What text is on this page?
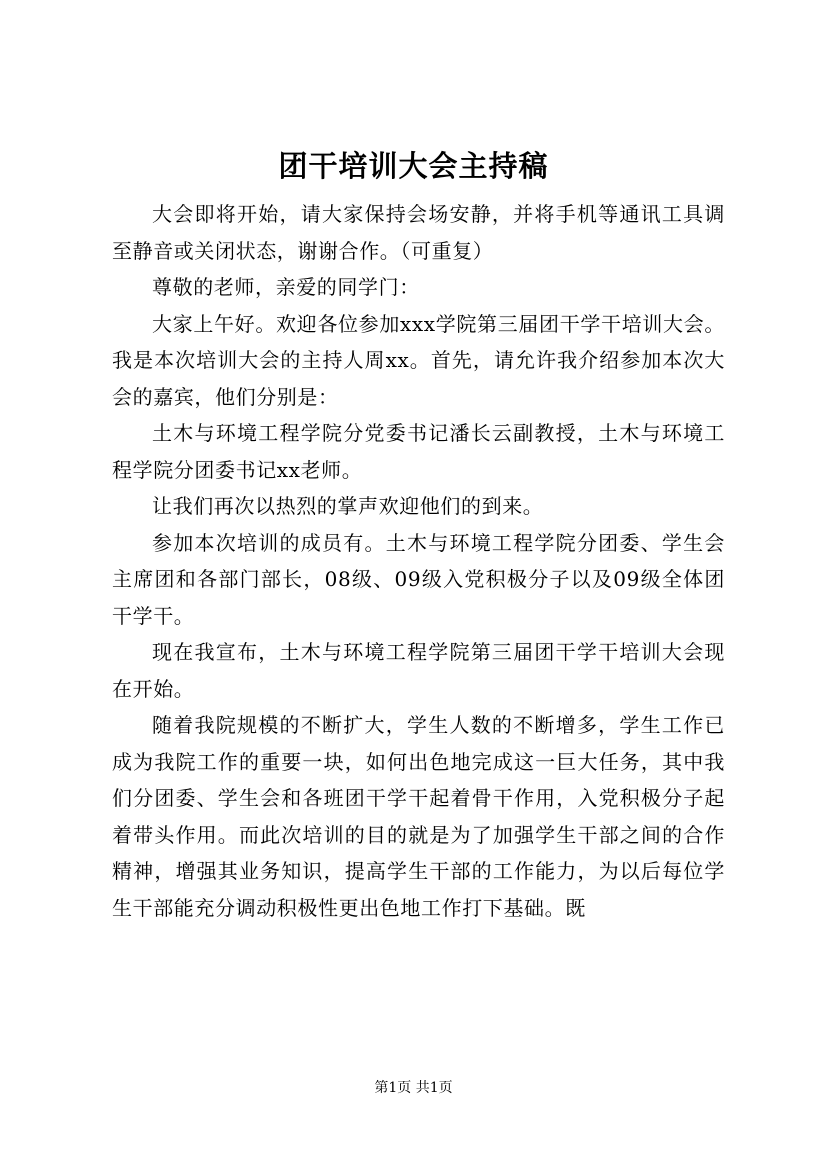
团干培训大会主持稿

大会即将开始，请大家保持会场安静，并将手机等通讯工具调至静音或关闭状态，谢谢合作。（可重复）

尊敬的老师，亲爱的同学门：

大家上午好。欢迎各位参加xxx学院第三届团干学干培训大会。我是本次培训大会的主持人周xx。首先，请允许我介绍参加本次大会的嘉宾，他们分别是：

土木与环境工程学院分党委书记潘长云副教授，土木与环境工程学院分团委书记xx老师。

让我们再次以热烈的掌声欢迎他们的到来。

参加本次培训的成员有。土木与环境工程学院分团委、学生会主席团和各部门部长，08级、09级入党积极分子以及09级全体团干学干。

现在我宣布，土木与环境工程学院第三届团干学干培训大会现在开始。

随着我院规模的不断扩大，学生人数的不断增多，学生工作已成为我院工作的重要一块，如何出色地完成这一巨大任务，其中我们分团委、学生会和各班团干学干起着骨干作用，入党积极分子起着带头作用。而此次培训的目的就是为了加强学生干部之间的合作精神，增强其业务知识，提高学生干部的工作能力，为以后每位学生干部能充分调动积极性更出色地工作打下基础。既

第1页 共1页
